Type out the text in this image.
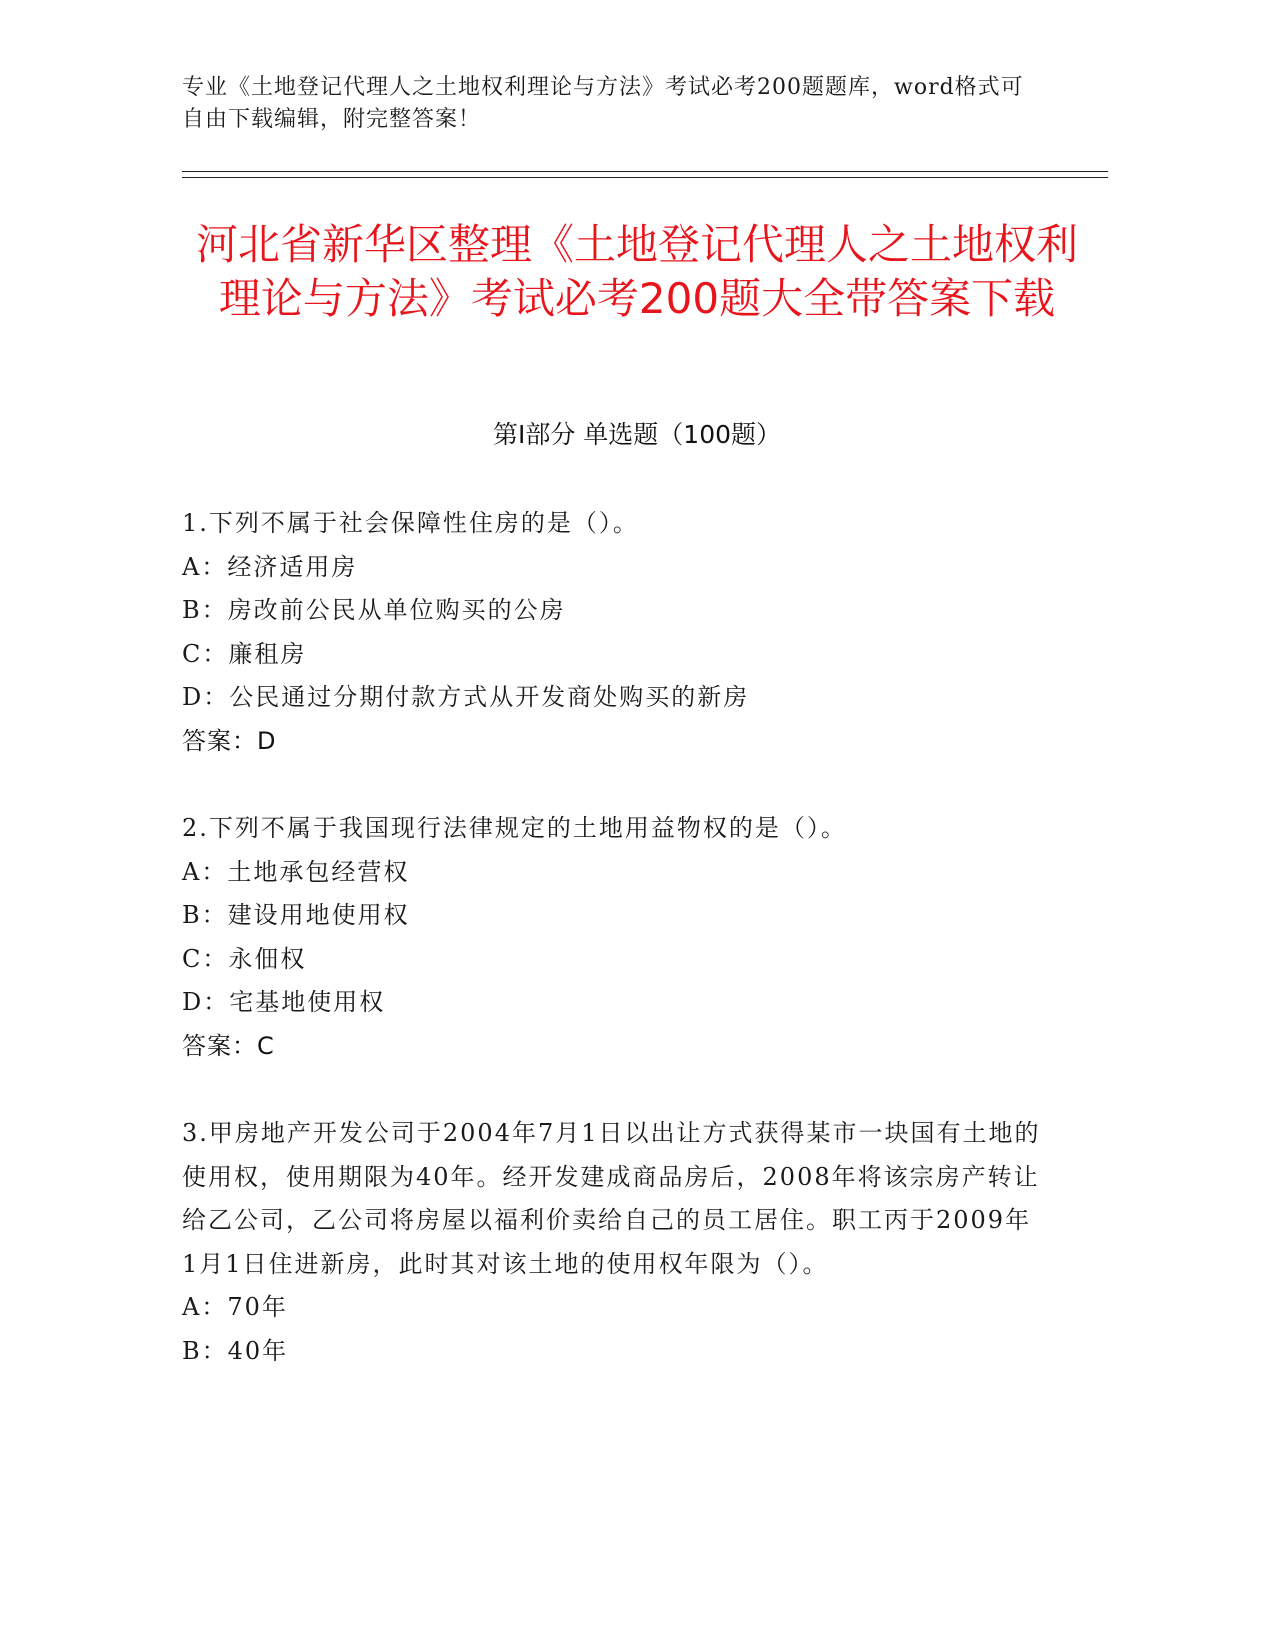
专业《土地登记代理人之土地权利理论与方法》考试必考200题题库，word格式可自由下载编辑，附完整答案！
河北省新华区整理《土地登记代理人之土地权利理论与方法》考试必考200题大全带答案下载
第Ⅰ部分 单选题（100题）
1.下列不属于社会保障性住房的是（）。
A：经济适用房
B：房改前公民从单位购买的公房
C：廉租房
D：公民通过分期付款方式从开发商处购买的新房
答案：D
2.下列不属于我国现行法律规定的土地用益物权的是（）。
A：土地承包经营权
B：建设用地使用权
C：永佃权
D：宅基地使用权
答案：C
3.甲房地产开发公司于2004年7月1日以出让方式获得某市一块国有土地的使用权，使用期限为40年。经开发建成商品房后，2008年将该宗房产转让给乙公司，乙公司将房屋以福利价卖给自己的员工居住。职工丙于2009年1月1日住进新房，此时其对该土地的使用权年限为（）。
A：70年
B：40年
